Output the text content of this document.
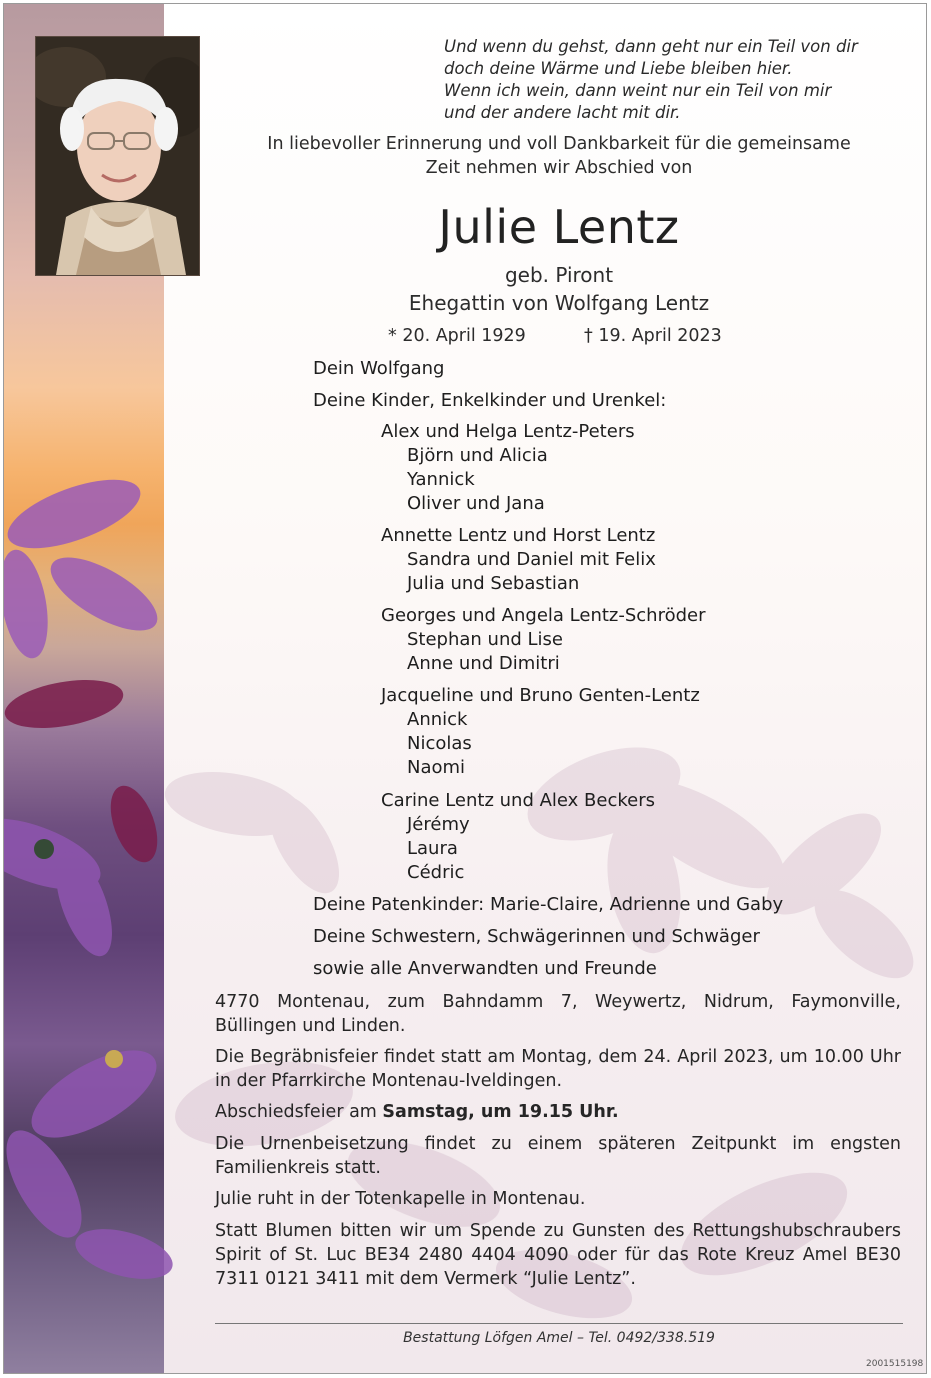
Und wenn du gehst, dann geht nur ein Teil von dir
doch deine Wärme und Liebe bleiben hier.
Wenn ich wein, dann weint nur ein Teil von mir
und der andere lacht mit dir.
In liebevoller Erinnerung und voll Dankbarkeit für die gemeinsame
Zeit nehmen wir Abschied von
Julie Lentz
geb. Piront
Ehegattin von Wolfgang Lentz
* 20. April 1929	† 19. April 2023
Dein Wolfgang
Deine Kinder, Enkelkinder und Urenkel:
Alex und Helga Lentz-Peters
Björn und Alicia
Yannick
Oliver und Jana
Annette Lentz und Horst Lentz
Sandra und Daniel mit Felix
Julia und Sebastian
Georges und Angela Lentz-Schröder
Stephan und Lise
Anne und Dimitri
Jacqueline und Bruno Genten-Lentz
Annick
Nicolas
Naomi
Carine Lentz und Alex Beckers
Jérémy
Laura
Cédric
Deine Patenkinder: Marie-Claire, Adrienne und Gaby
Deine Schwestern, Schwägerinnen und Schwäger
sowie alle Anverwandten und Freunde
4770 Montenau, zum Bahndamm 7, Weywertz, Nidrum, Faymonville, Büllingen und Linden.
Die Begräbnisfeier findet statt am Montag, dem 24. April 2023, um 10.00 Uhr in der Pfarrkirche Montenau-Iveldingen.
Abschiedsfeier am Samstag, um 19.15 Uhr.
Die Urnenbeisetzung findet zu einem späteren Zeitpunkt im engsten Familienkreis statt.
Julie ruht in der Totenkapelle in Montenau.
Statt Blumen bitten wir um Spende zu Gunsten des Rettungshubschraubers Spirit of St. Luc BE34 2480 4404 4090 oder für das Rote Kreuz Amel BE30 7311 0121 3411 mit dem Vermerk “Julie Lentz”.
Bestattung Löfgen Amel – Tel. 0492/338.519
2001515198
